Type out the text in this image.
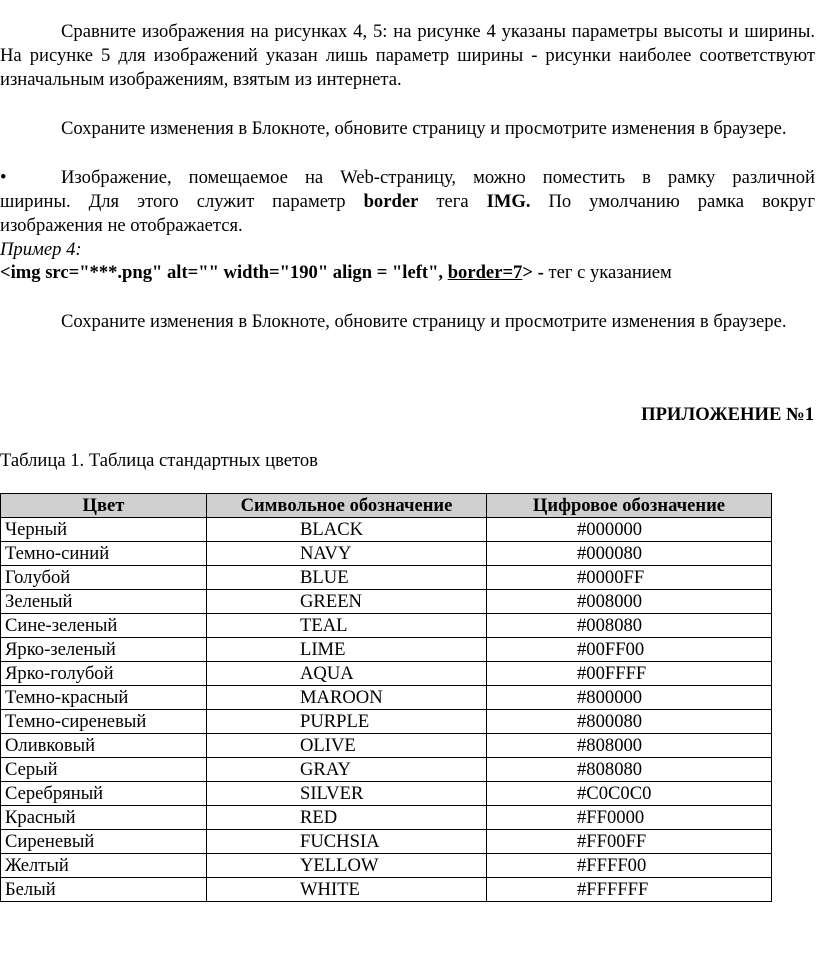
Сравните изображения на рисунках 4, 5: на рисунке 4 указаны параметры высоты и ширины. На рисунке 5 для изображений указан лишь параметр ширины - рисунки наиболее соответствуют изначальным изображениям, взятым из интернета.

Сохраните изменения в Блокноте, обновите страницу и просмотрите изменения в браузере.

•	Изображение, помещаемое на Web-страницу, можно поместить в рамку различной
ширины. Для этого служит параметр border тега IMG. По умолчанию рамка вокруг
изображения не отображается.
Пример 4:
<img src="***.png" alt="" width="190" align = "left", border=7> - тег с указанием

Сохраните изменения в Блокноте, обновите страницу и просмотрите изменения в браузере.

ПРИЛОЖЕНИЕ №1
Таблица 1. Таблица стандартных цветов
Цвет	Символьное обозначение	Цифровое обозначение
Черный	BLACK	#000000
Темно-синий	NAVY	#000080
Голубой	BLUE	#0000FF
Зеленый	GREEN	#008000
Сине-зеленый	TEAL	#008080
Ярко-зеленый	LIME	#00FF00
Ярко-голубой	AQUA	#00FFFF
Темно-красный	MAROON	#800000
Темно-сиреневый	PURPLE	#800080
Оливковый	OLIVE	#808000
Серый	GRAY	#808080
Серебряный	SILVER	#C0C0C0
Красный	RED	#FF0000
Сиреневый	FUCHSIA	#FF00FF
Желтый	YELLOW	#FFFF00
Белый	WHITE	#FFFFFF
